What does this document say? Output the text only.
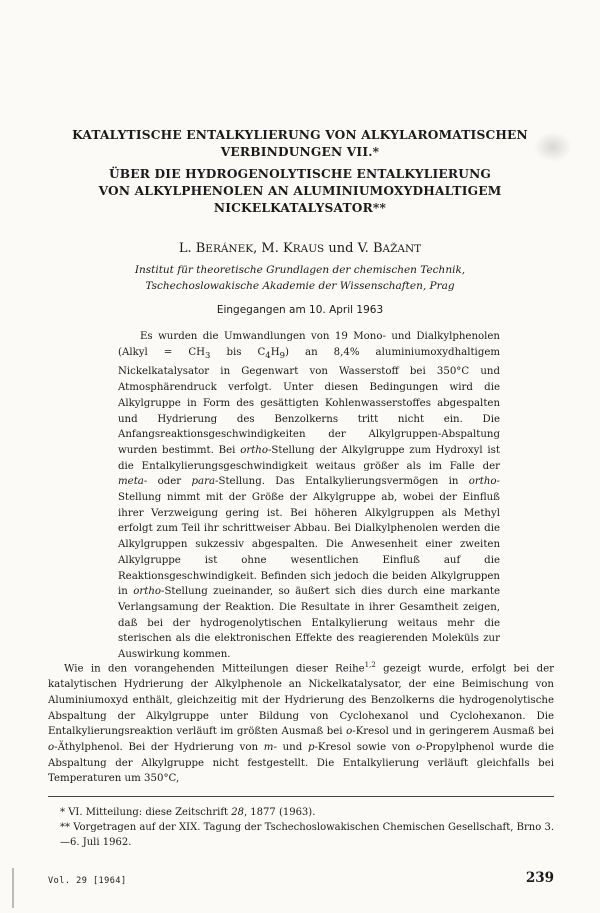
KATALYTISCHE ENTALKYLIERUNG VON ALKYLAROMATISCHEN
VERBINDUNGEN VII.*
ÜBER DIE HYDROGENOLYTISCHE ENTALKYLIERUNG
VON ALKYLPHENOLEN AN ALUMINIUMOXYDHALTIGEM
NICKELKATALYSATOR**
L. BERÁNEK, M. KRAUS und V. BAŽANT
Institut für theoretische Grundlagen der chemischen Technik,
Tschechoslowakische Akademie der Wissenschaften, Prag
Eingegangen am 10. April 1963

Es wurden die Umwandlungen von 19 Mono- und Dialkylphenolen (Alkyl = $CH_3$ bis $C_4H_9$) an 8,4% aluminiumoxydhaltigem Nickelkatalysator in Gegenwart von Wasserstoff bei 350°C und Atmosphärendruck verfolgt. Unter diesen Bedingungen wird die Alkylgruppe in Form des gesättigten Kohlenwasserstoffes abgespalten und Hydrierung des Benzolkerns tritt nicht ein. Die Anfangsreaktionsgeschwindigkeiten der Alkylgruppen-Abspaltung wurden bestimmt. Bei ortho-Stellung der Alkylgruppe zum Hydroxyl ist die Entalkylierungsgeschwindigkeit weitaus größer als im Falle der meta- oder para-Stellung. Das Entalkylierungsvermögen in ortho-Stellung nimmt mit der Größe der Alkylgruppe ab, wobei der Einfluß ihrer Verzweigung gering ist. Bei höheren Alkylgruppen als Methyl erfolgt zum Teil ihr schrittweiser Abbau. Bei Dialkylphenolen werden die Alkylgruppen sukzessiv abgespalten. Die Anwesenheit einer zweiten Alkylgruppe ist ohne wesentlichen Einfluß auf die Reaktionsgeschwindigkeit. Befinden sich jedoch die beiden Alkylgruppen in ortho-Stellung zueinander, so äußert sich dies durch eine markante Verlangsamung der Reaktion. Die Resultate in ihrer Gesamtheit zeigen, daß bei der hydrogenolytischen Entalkylierung weitaus mehr die sterischen als die elektronischen Effekte des reagierenden Moleküls zur Auswirkung kommen.

Wie in den vorangehenden Mitteilungen dieser Reihe$^{1,2}$ gezeigt wurde, erfolgt bei der katalytischen Hydrierung der Alkylphenole an Nickelkatalysator, der eine Beimischung von Aluminiumoxyd enthält, gleichzeitig mit der Hydrierung des Benzolkerns die hydrogenolytische Abspaltung der Alkylgruppe unter Bildung von Cyclohexanol und Cyclohexanon. Die Entalkylierungsreaktion verläuft im größten Ausmaß bei o-Kresol und in geringerem Ausmaß bei o-Äthylphenol. Bei der Hydrierung von m- und p-Kresol sowie von o-Propylphenol wurde die Abspaltung der Alkylgruppe nicht festgestellt. Die Entalkylierung verläuft gleichfalls bei Temperaturen um 350°C,

* VI. Mitteilung: diese Zeitschrift 28, 1877 (1963).
** Vorgetragen auf der XIX. Tagung der Tschechoslowakischen Chemischen Gesellschaft, Brno 3.—6. Juli 1962.
Vol. 29 [1964]	239
